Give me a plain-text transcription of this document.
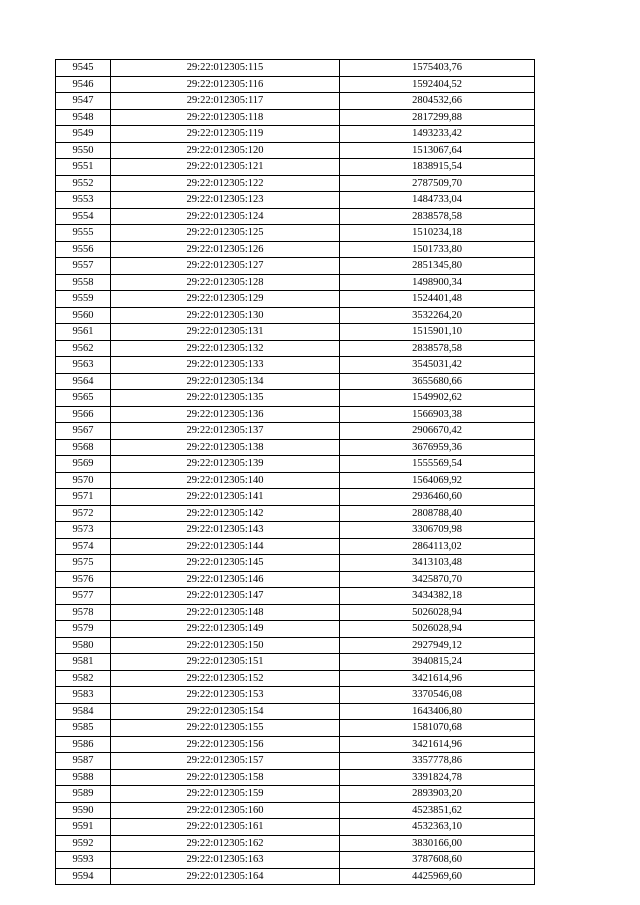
9545	29:22:012305:115	1575403,76
9546	29:22:012305:116	1592404,52
9547	29:22:012305:117	2804532,66
9548	29:22:012305:118	2817299,88
9549	29:22:012305:119	1493233,42
9550	29:22:012305:120	1513067,64
9551	29:22:012305:121	1838915,54
9552	29:22:012305:122	2787509,70
9553	29:22:012305:123	1484733,04
9554	29:22:012305:124	2838578,58
9555	29:22:012305:125	1510234,18
9556	29:22:012305:126	1501733,80
9557	29:22:012305:127	2851345,80
9558	29:22:012305:128	1498900,34
9559	29:22:012305:129	1524401,48
9560	29:22:012305:130	3532264,20
9561	29:22:012305:131	1515901,10
9562	29:22:012305:132	2838578,58
9563	29:22:012305:133	3545031,42
9564	29:22:012305:134	3655680,66
9565	29:22:012305:135	1549902,62
9566	29:22:012305:136	1566903,38
9567	29:22:012305:137	2906670,42
9568	29:22:012305:138	3676959,36
9569	29:22:012305:139	1555569,54
9570	29:22:012305:140	1564069,92
9571	29:22:012305:141	2936460,60
9572	29:22:012305:142	2808788,40
9573	29:22:012305:143	3306709,98
9574	29:22:012305:144	2864113,02
9575	29:22:012305:145	3413103,48
9576	29:22:012305:146	3425870,70
9577	29:22:012305:147	3434382,18
9578	29:22:012305:148	5026028,94
9579	29:22:012305:149	5026028,94
9580	29:22:012305:150	2927949,12
9581	29:22:012305:151	3940815,24
9582	29:22:012305:152	3421614,96
9583	29:22:012305:153	3370546,08
9584	29:22:012305:154	1643406,80
9585	29:22:012305:155	1581070,68
9586	29:22:012305:156	3421614,96
9587	29:22:012305:157	3357778,86
9588	29:22:012305:158	3391824,78
9589	29:22:012305:159	2893903,20
9590	29:22:012305:160	4523851,62
9591	29:22:012305:161	4532363,10
9592	29:22:012305:162	3830166,00
9593	29:22:012305:163	3787608,60
9594	29:22:012305:164	4425969,60
